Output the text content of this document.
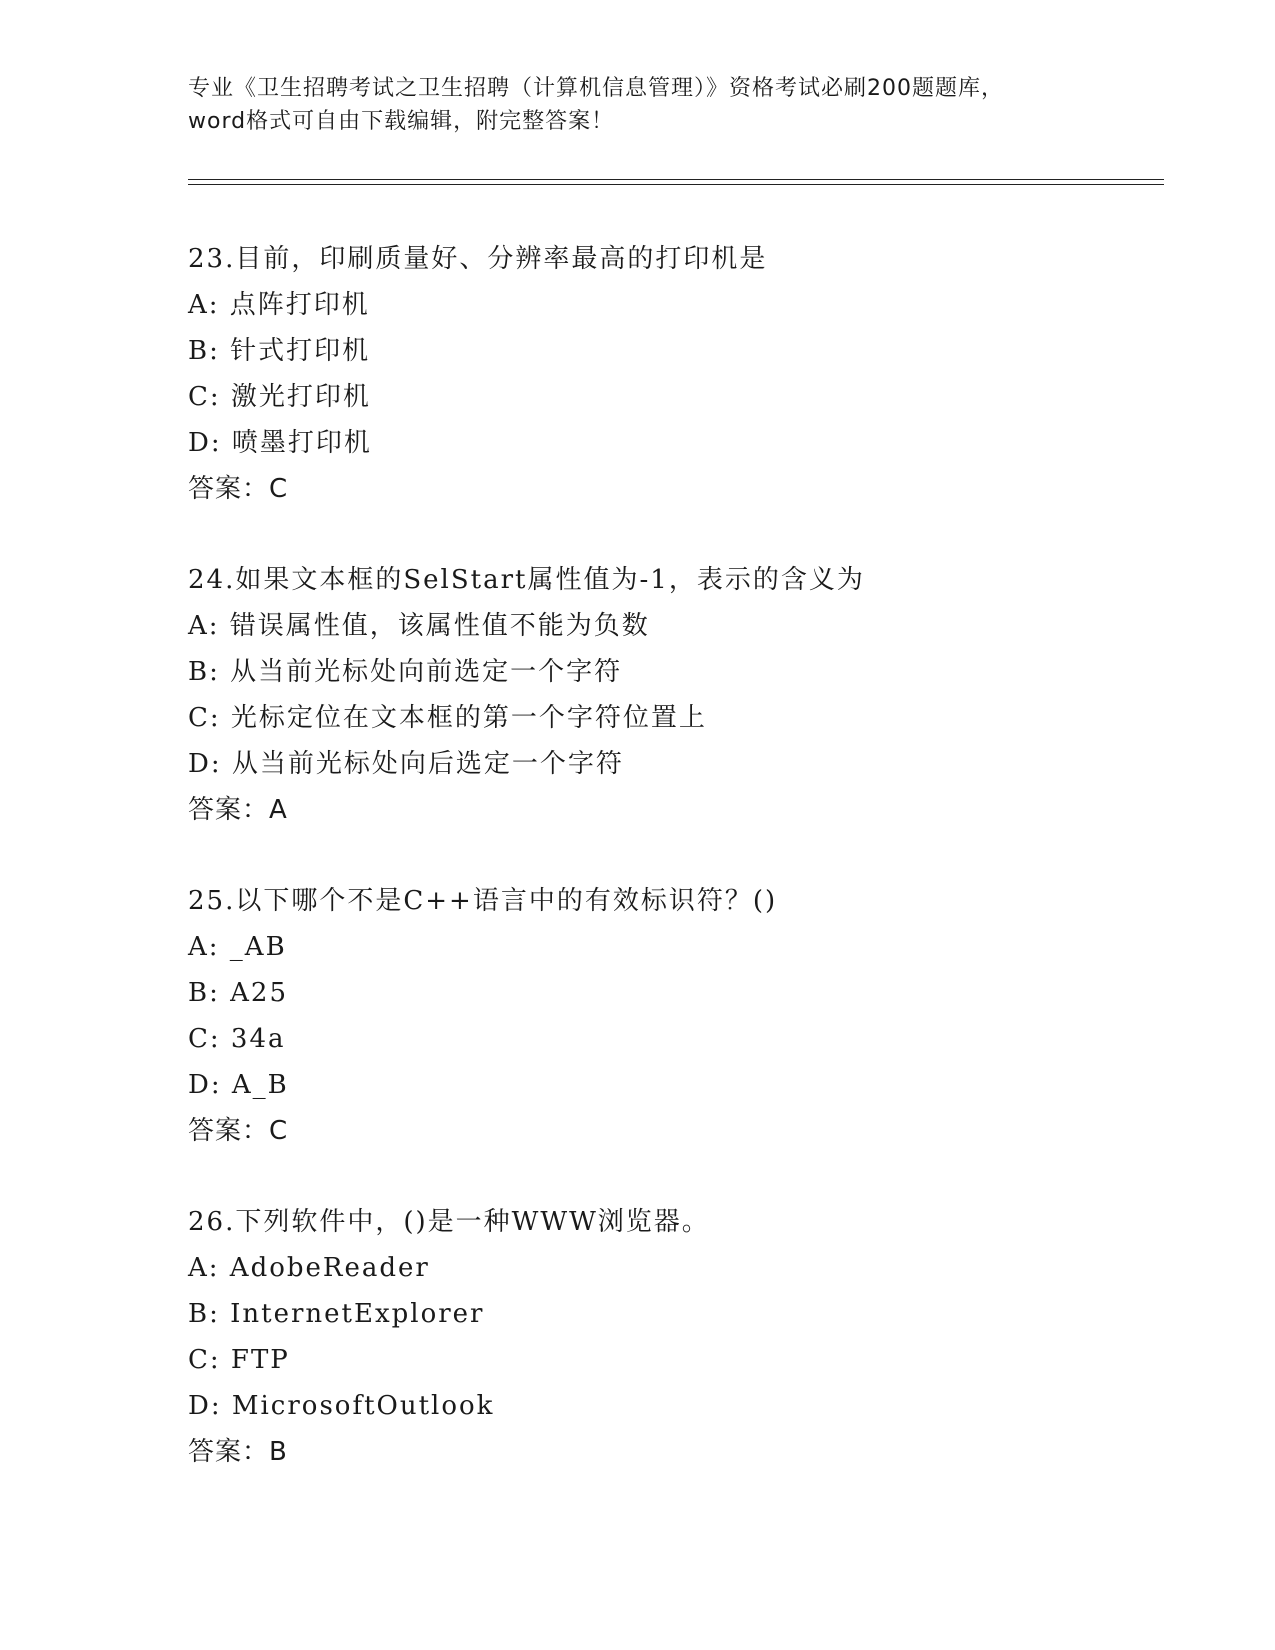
专业《卫生招聘考试之卫生招聘（计算机信息管理）》资格考试必刷200题题库，

word格式可自由下载编辑，附完整答案！

23.目前，印刷质量好、分辨率最高的打印机是
A: 点阵打印机
B: 针式打印机
C: 激光打印机
D: 喷墨打印机
答案：C
24.如果文本框的SelStart属性值为-1，表示的含义为
A: 错误属性值，该属性值不能为负数
B: 从当前光标处向前选定一个字符
C: 光标定位在文本框的第一个字符位置上
D: 从当前光标处向后选定一个字符
答案：A
25.以下哪个不是C++语言中的有效标识符？()
A: _AB
B: A25
C: 34a
D: A_B
答案：C
26.下列软件中，()是一种WWW浏览器。
A: AdobeReader
B: InternetExplorer
C: FTP
D: MicrosoftOutlook
答案：B
